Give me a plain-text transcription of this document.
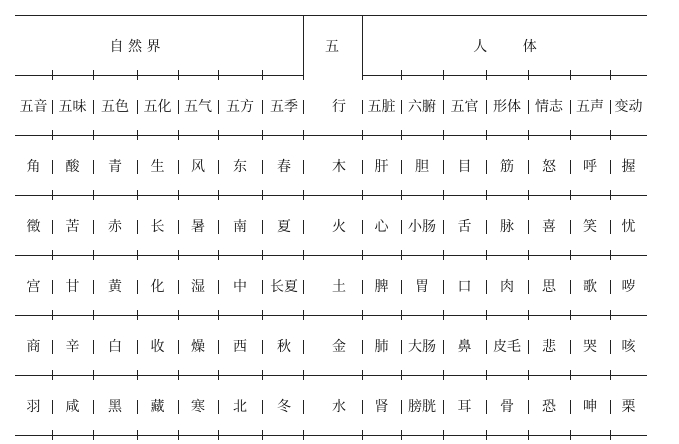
自 然 界	五	人        体
五音 五味 五色 五化 五气 五方 五季 行 五脏 六腑 五官 形体 情志 五声 变动
角 酸 青 生 风 东 春	木 肝 胆 目 筋 怒 呼 握
徵 苦 赤 长 暑 南 夏	火 心 小肠 舌 脉 喜 笑 忧
宫 甘 黄 化 湿 中 长夏 土 脾 胃 口 肉 思 歌 哕
商 辛 白 收 燥 西 秋	金 肺 大肠 鼻 皮毛 悲 哭 咳
羽 咸 黑 藏 寒 北 冬	水 肾 膀胱 耳 骨 恐 呻 栗
